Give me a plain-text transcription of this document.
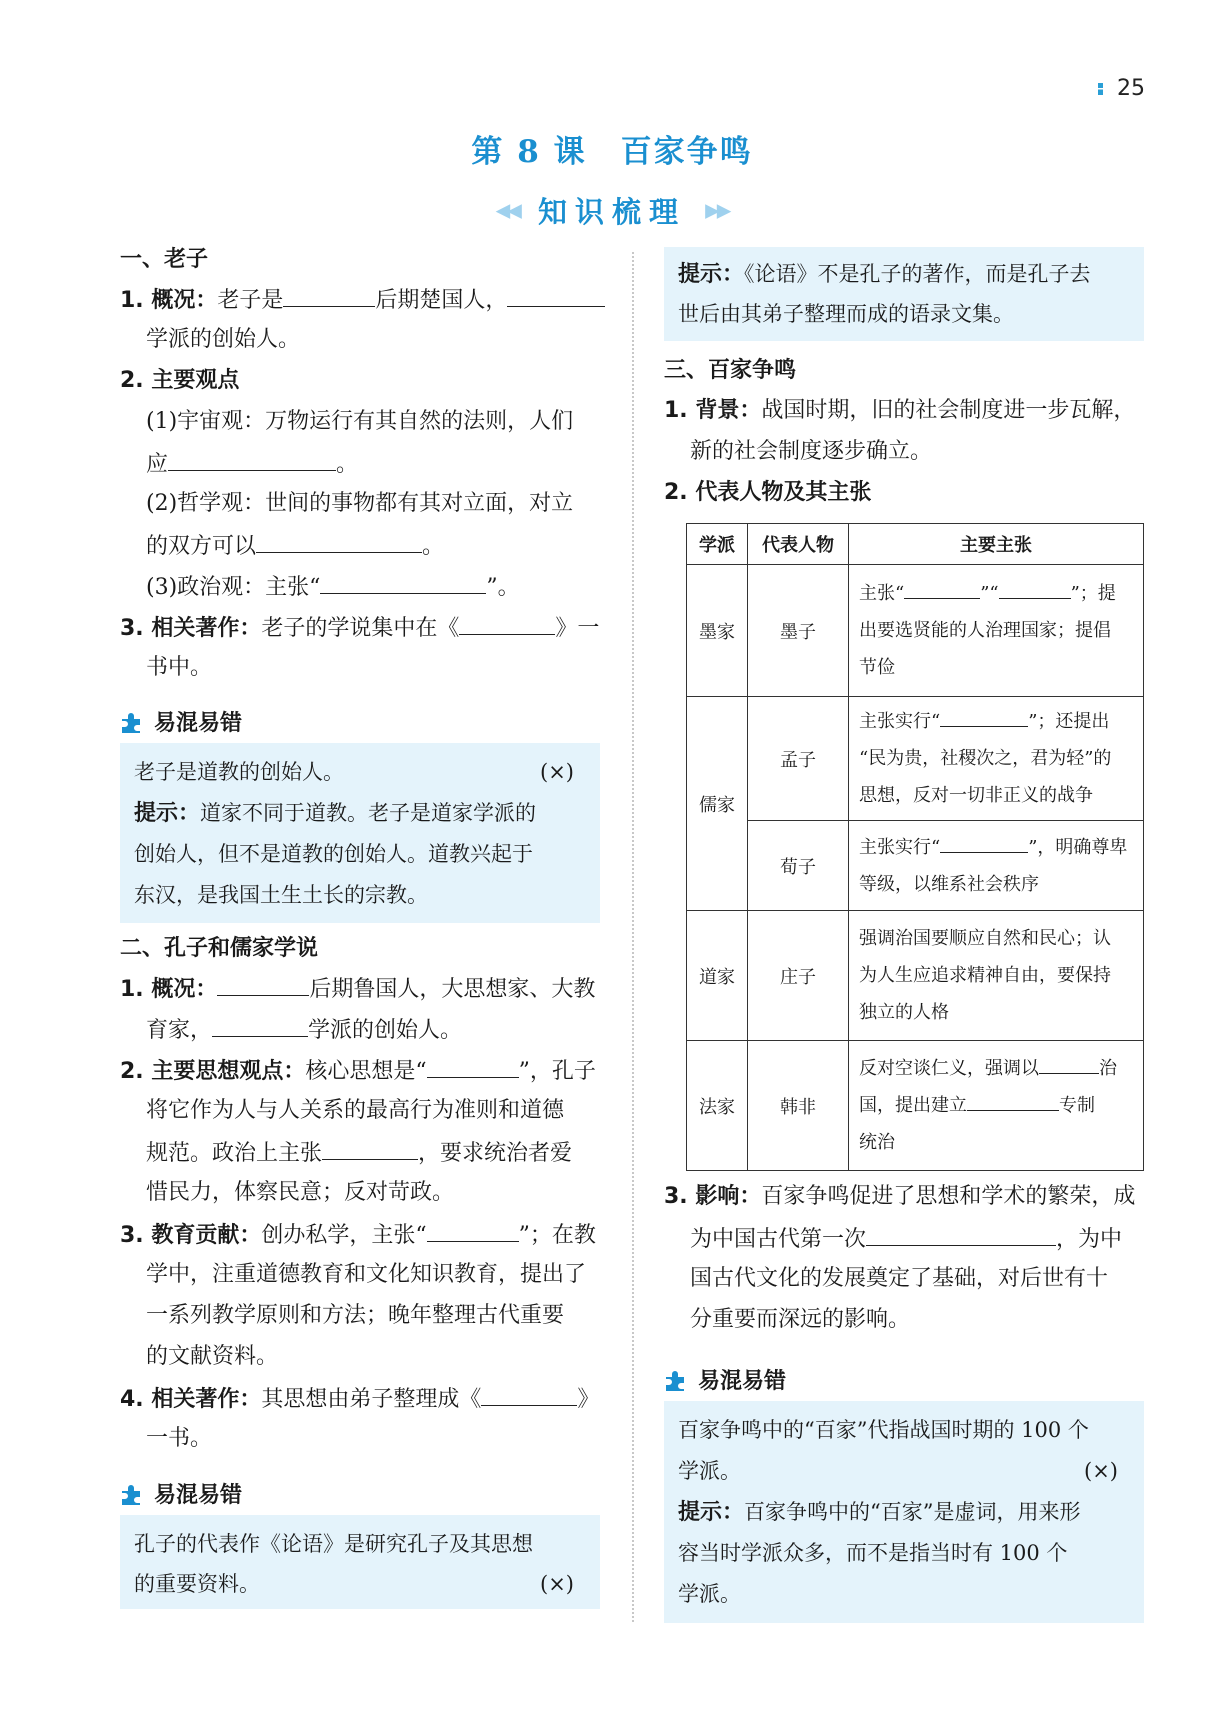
25
第 8 课 百家争鸣
◀◀ 知识梳理 ▶▶
一、老子
1. 概况：老子是	后期楚国人，
学派的创始人。
2. 主要观点
(1)宇宙观：万物运行有其自然的法则，人们
应	。
(2)哲学观：世间的事物都有其对立面，对立
的双方可以	。
(3)政治观：主张“	”。
3. 相关著作：老子的学说集中在《	》一
书中。
易混易错
老子是道教的创始人。	(×)
提示：道家不同于道教。老子是道家学派的
创始人，但不是道教的创始人。道教兴起于
东汉，是我国土生土长的宗教。
二、孔子和儒家学说
1. 概况：	后期鲁国人，大思想家、大教
育家，	学派的创始人。
2. 主要思想观点：核心思想是“	”，孔子
将它作为人与人关系的最高行为准则和道德
规范。政治上主张	，要求统治者爱
惜民力，体察民意；反对苛政。
3. 教育贡献：创办私学，主张“	”；在教
学中，注重道德教育和文化知识教育，提出了
一系列教学原则和方法；晚年整理古代重要
的文献资料。
4. 相关著作：其思想由弟子整理成《	》
一书。
易混易错
孔子的代表作《论语》是研究孔子及其思想
的重要资料。	(×)
提示：《论语》不是孔子的著作，而是孔子去
世后由其弟子整理而成的语录文集。
三、百家争鸣
1. 背景：战国时期，旧的社会制度进一步瓦解，
新的社会制度逐步确立。
2. 代表人物及其主张
学派	代表人物	主要主张
墨家	墨子	主张“ ”“ ”；提
出要选贤能的人治理国家；提倡
节俭

儒家	孟子	主张实行“ ”；还提出
“民为贵，社稷次之，君为轻”的
思想，反对一切非正义的战争

	荀子	主张实行“ ”，明确尊卑
等级，以维系社会秩序

道家	庄子	强调治国要顺应自然和民心；认
为人生应追求精神自由，要保持
独立的人格

法家	韩非	反对空谈仁义，强调以 治
国，提出建立 专制
统治
3. 影响：百家争鸣促进了思想和学术的繁荣，成
为中国古代第一次	，为中
国古代文化的发展奠定了基础，对后世有十
分重要而深远的影响。
易混易错
百家争鸣中的“百家”代指战国时期的 100 个
学派。	(×)
提示：百家争鸣中的“百家”是虚词，用来形
容当时学派众多，而不是指当时有 100 个
学派。
